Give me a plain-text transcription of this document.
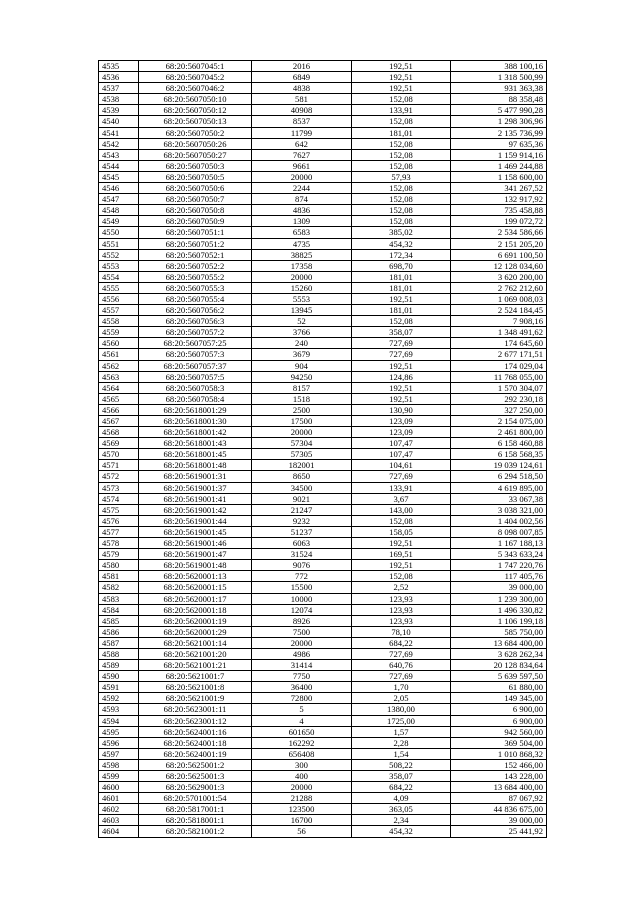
4535	68:20:5607045:1	2016	192,51	388 100,16
4536	68:20:5607045:2	6849	192,51	1 318 500,99
4537	68:20:5607046:2	4838	192,51	931 363,38
4538	68:20:5607050:10	581	152,08	88 358,48
4539	68:20:5607050:12	40908	133,91	5 477 990,28
4540	68:20:5607050:13	8537	152,08	1 298 306,96
4541	68:20:5607050:2	11799	181,01	2 135 736,99
4542	68:20:5607050:26	642	152,08	97 635,36
4543	68:20:5607050:27	7627	152,08	1 159 914,16
4544	68:20:5607050:3	9661	152,08	1 469 244,88
4545	68:20:5607050:5	20000	57,93	1 158 600,00
4546	68:20:5607050:6	2244	152,08	341 267,52
4547	68:20:5607050:7	874	152,08	132 917,92
4548	68:20:5607050:8	4836	152,08	735 458,88
4549	68:20:5607050:9	1309	152,08	199 072,72
4550	68:20:5607051:1	6583	385,02	2 534 586,66
4551	68:20:5607051:2	4735	454,32	2 151 205,20
4552	68:20:5607052:1	38825	172,34	6 691 100,50
4553	68:20:5607052:2	17358	698,70	12 128 034,60
4554	68:20:5607055:2	20000	181,01	3 620 200,00
4555	68:20:5607055:3	15260	181,01	2 762 212,60
4556	68:20:5607055:4	5553	192,51	1 069 008,03
4557	68:20:5607056:2	13945	181,01	2 524 184,45
4558	68:20:5607056:3	52	152,08	7 908,16
4559	68:20:5607057:2	3766	358,07	1 348 491,62
4560	68:20:5607057:25	240	727,69	174 645,60
4561	68:20:5607057:3	3679	727,69	2 677 171,51
4562	68:20:5607057:37	904	192,51	174 029,04
4563	68:20:5607057:5	94250	124,86	11 768 055,00
4564	68:20:5607058:3	8157	192,51	1 570 304,07
4565	68:20:5607058:4	1518	192,51	292 230,18
4566	68:20:5618001:29	2500	130,90	327 250,00
4567	68:20:5618001:30	17500	123,09	2 154 075,00
4568	68:20:5618001:42	20000	123,09	2 461 800,00
4569	68:20:5618001:43	57304	107,47	6 158 460,88
4570	68:20:5618001:45	57305	107,47	6 158 568,35
4571	68:20:5618001:48	182001	104,61	19 039 124,61
4572	68:20:5619001:31	8650	727,69	6 294 518,50
4573	68:20:5619001:37	34500	133,91	4 619 895,00
4574	68:20:5619001:41	9021	3,67	33 067,38
4575	68:20:5619001:42	21247	143,00	3 038 321,00
4576	68:20:5619001:44	9232	152,08	1 404 002,56
4577	68:20:5619001:45	51237	158,05	8 098 007,85
4578	68:20:5619001:46	6063	192,51	1 167 188,13
4579	68:20:5619001:47	31524	169,51	5 343 633,24
4580	68:20:5619001:48	9076	192,51	1 747 220,76
4581	68:20:5620001:13	772	152,08	117 405,76
4582	68:20:5620001:15	15500	2,52	39 000,00
4583	68:20:5620001:17	10000	123,93	1 239 300,00
4584	68:20:5620001:18	12074	123,93	1 496 330,82
4585	68:20:5620001:19	8926	123,93	1 106 199,18
4586	68:20:5620001:29	7500	78,10	585 750,00
4587	68:20:5621001:14	20000	684,22	13 684 400,00
4588	68:20:5621001:20	4986	727,69	3 628 262,34
4589	68:20:5621001:21	31414	640,76	20 128 834,64
4590	68:20:5621001:7	7750	727,69	5 639 597,50
4591	68:20:5621001:8	36400	1,70	61 880,00
4592	68:20:5621001:9	72800	2,05	149 345,00
4593	68:20:5623001:11	5	1380,00	6 900,00
4594	68:20:5623001:12	4	1725,00	6 900,00
4595	68:20:5624001:16	601650	1,57	942 560,00
4596	68:20:5624001:18	162292	2,28	369 504,00
4597	68:20:5624001:19	656408	1,54	1 010 868,32
4598	68:20:5625001:2	300	508,22	152 466,00
4599	68:20:5625001:3	400	358,07	143 228,00
4600	68:20:5629001:3	20000	684,22	13 684 400,00
4601	68:20:5701001:54	21288	4,09	87 067,92
4602	68:20:5817001:1	123500	363,05	44 836 675,00
4603	68:20:5818001:1	16700	2,34	39 000,00
4604	68:20:5821001:2	56	454,32	25 441,92
